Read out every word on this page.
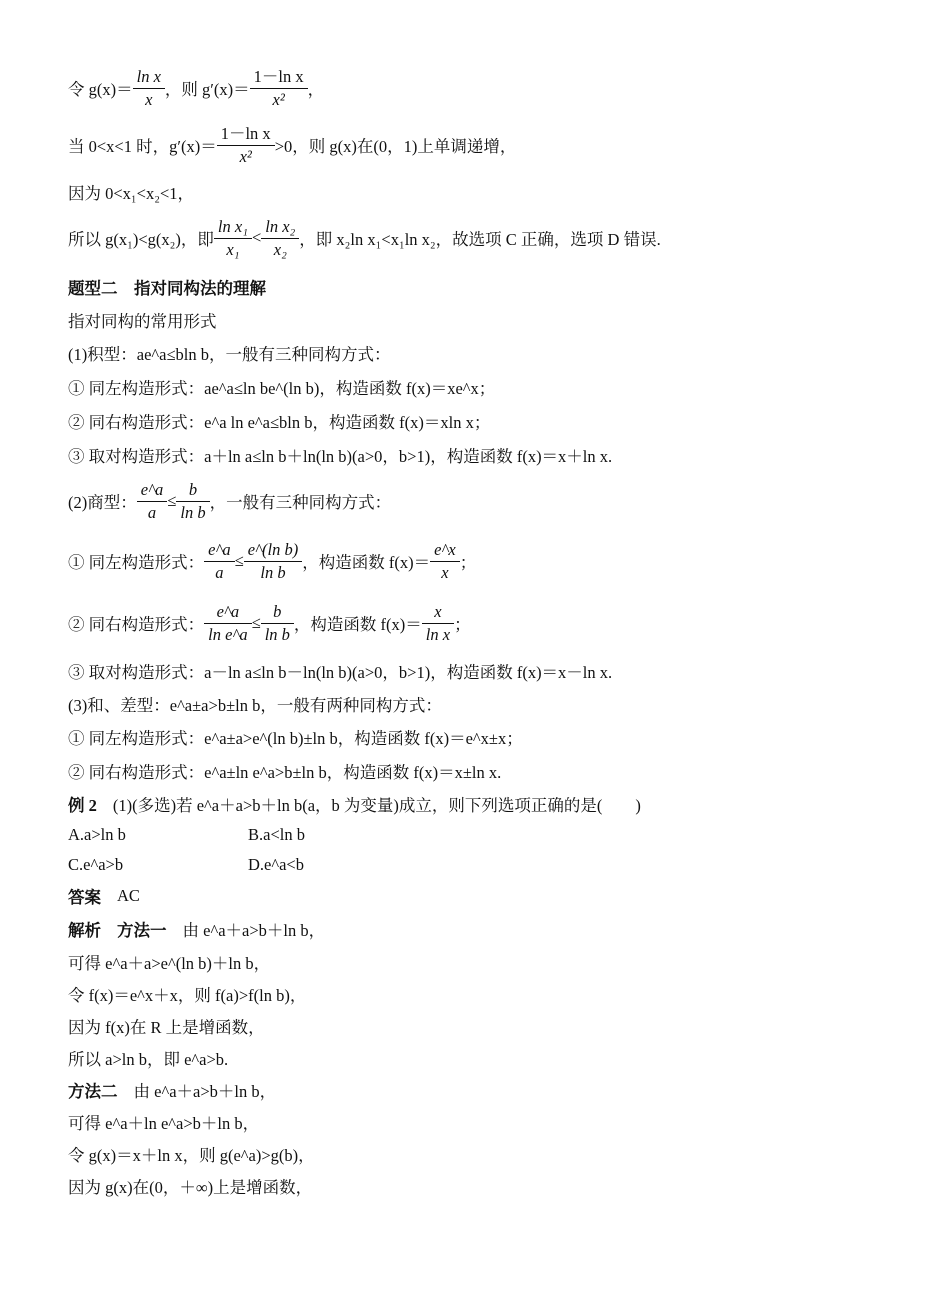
令 $g(x)= \frac{\text{ln x}}{x}$ ，则 $g'(x)= \frac{\text{1－ln x}}{\text{x²}}$ ，
当 0<x<1 时，$g'(x)= \frac{\text{1－ln x}}{\text{x²}} >0$，则 g(x)在(0，1)上单调递增，
因为 0<x₁<x₂<1，
所以 g(x₁)<g(x₂)，即 $\frac{\text{ln x₁}}{\text{x₁}} < \frac{\text{ln x₂}}{\text{x₂}}$ ，即 x₂ln x₁<x₁ln x₂，故选项 C 正确，选项 D 错误.
题型二　指对同构法的理解
指对同构的常用形式
(1)积型：ae^a≤bln b，一般有三种同构方式：
① 同左构造形式：ae^a≤ln be^(ln b)，构造函数 f(x)＝xe^x；
② 同右构造形式：e^a ln e^a≤bln b，构造函数 f(x)＝xln x；
③ 取对构造形式：a＋ln a≤ln b＋ln(ln b)(a>0，b>1)，构造函数 f(x)＝x＋ln x.
(2)商型： $\frac{e\^{}a}{a} \le \frac{b}{\text{ln b}}$ ，一般有三种同构方式：
① 同左构造形式： $\frac{e\^{}a}{a} \le \frac{\text{e\textasciicircum{}(ln b)}}{\text{ln b}}$ ，构造函数 $f(x)= \frac{e\^{}x}{x}$ ；
② 同右构造形式： $\frac{e\^{}a}{\text{ln e\textasciicircum{}a}} \le \frac{b}{\text{ln b}}$ ，构造函数 $f(x)= \frac{x}{\text{ln x}}$ ；
③ 取对构造形式：a－ln a≤ln b－ln(ln b)(a>0，b>1)，构造函数 f(x)＝x－ln x.
(3)和、差型：e^a±a>b±ln b，一般有两种同构方式：
① 同左构造形式：e^a±a>e^(ln b)±ln b，构造函数 f(x)＝e^x±x；
② 同右构造形式：e^a±ln e^a>b±ln b，构造函数 f(x)＝x±ln x.
例 2 (1)(多选)若 e^a＋a>b＋ln b(a，b 为变量)成立，则下列选项正确的是(　　)
A.a>ln b	B.a<ln b
C.e^a>b	D.e^a<b
答案 AC
解析 方法一 由 e^a＋a>b＋ln b，
可得 e^a＋a>e^(ln b)＋ln b，
令 f(x)＝e^x＋x，则 f(a)>f(ln b)，
因为 f(x)在 R 上是增函数，
所以 a>ln b，即 e^a>b.
方法二 由 e^a＋a>b＋ln b，
可得 e^a＋ln e^a>b＋ln b，
令 g(x)＝x＋ln x，则 g(e^a)>g(b)，
因为 g(x)在(0，＋∞)上是增函数，
